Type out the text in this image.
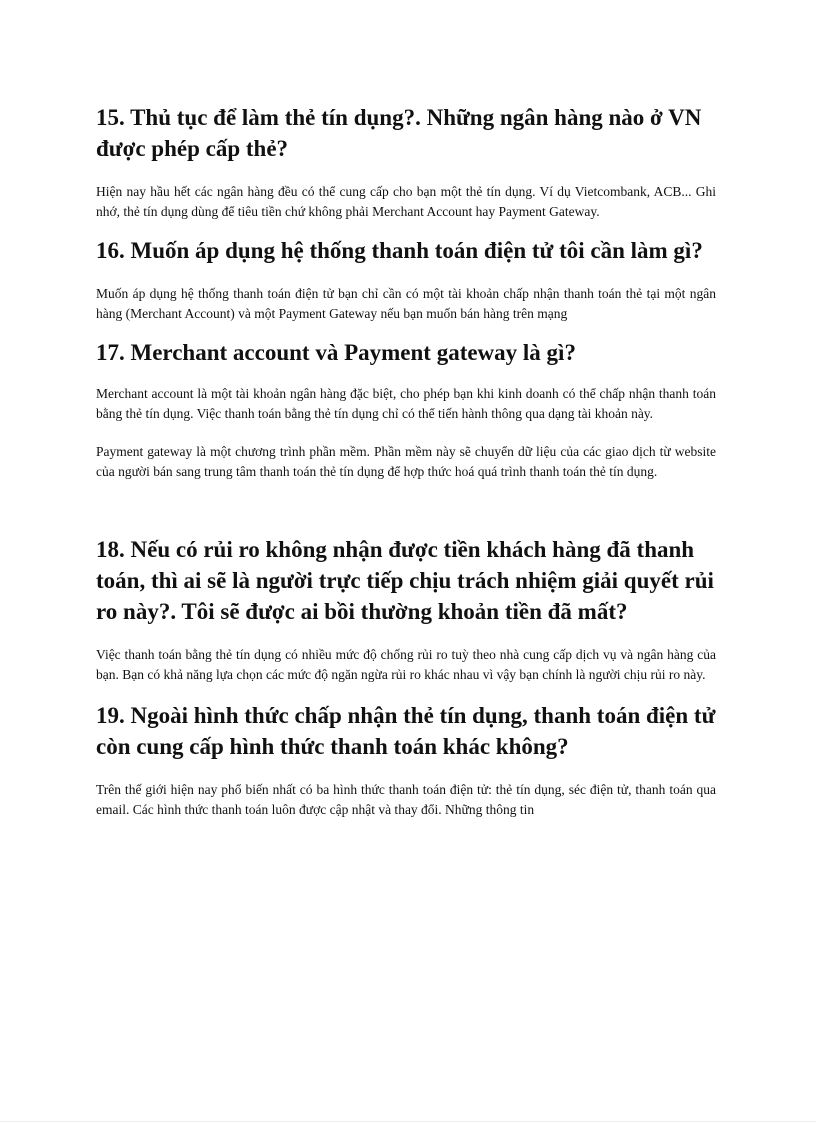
15. Thủ tục để làm thẻ tín dụng?. Những ngân hàng nào ở VN được phép cấp thẻ?

Hiện nay hầu hết các ngân hàng đều có thể cung cấp cho bạn một thẻ tín dụng. Ví dụ Vietcombank, ACB... Ghi nhớ, thẻ tín dụng dùng để tiêu tiền chứ không phải Merchant Account hay Payment Gateway.

16. Muốn áp dụng hệ thống thanh toán điện tử tôi cần làm gì?

Muốn áp dụng hệ thống thanh toán điện tử bạn chỉ cần có một tài khoản chấp nhận thanh toán thẻ tại một ngân hàng (Merchant Account) và một Payment Gateway nếu bạn muốn bán hàng trên mạng

17. Merchant account và Payment gateway là gì?

Merchant account là một tài khoản ngân hàng đặc biệt, cho phép bạn khi kinh doanh có thể chấp nhận thanh toán bằng thẻ tín dụng. Việc thanh toán bằng thẻ tín dụng chỉ có thể tiến hành thông qua dạng tài khoản này.

Payment gateway là một chương trình phần mềm. Phần mềm này sẽ chuyển dữ liệu của các giao dịch từ website của người bán sang trung tâm thanh toán thẻ tín dụng để hợp thức hoá quá trình thanh toán thẻ tín dụng.

18. Nếu có rủi ro không nhận được tiền khách hàng đã thanh toán, thì ai sẽ là người trực tiếp chịu trách nhiệm giải quyết rủi ro này?. Tôi sẽ được ai bồi thường khoản tiền đã mất?

Việc thanh toán bằng thẻ tín dụng có nhiều mức độ chống rủi ro tuỳ theo nhà cung cấp dịch vụ và ngân hàng của bạn. Bạn có khả năng lựa chọn các mức độ ngăn ngừa rủi ro khác nhau vì vậy bạn chính là người chịu rủi ro này.

19. Ngoài hình thức chấp nhận thẻ tín dụng, thanh toán điện tử còn cung cấp hình thức thanh toán khác không?

Trên thế giới hiện nay phổ biến nhất có ba hình thức thanh toán điện tử: thẻ tín dụng, séc điện tử, thanh toán qua email. Các hình thức thanh toán luôn được cập nhật và thay đổi. Những thông tin
